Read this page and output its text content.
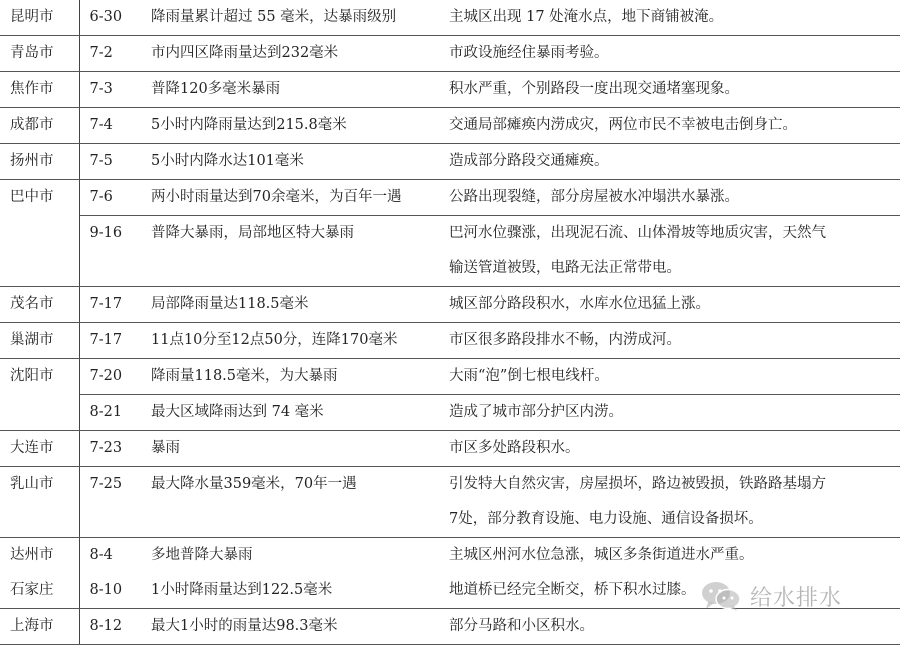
昆明市	6-30	降雨量累计超过 55 毫米，达暴雨级别	主城区出现 17 处淹水点，地下商铺被淹。

青岛市	7-2	市内四区降雨量达到232毫米	市政设施经住暴雨考验。

焦作市	7-3	普降120多毫米暴雨	积水严重，个别路段一度出现交通堵塞现象。

成都市	7-4	5小时内降雨量达到215.8毫米	交通局部瘫痪内涝成灾，两位市民不幸被电击倒身亡。

扬州市	7-5	5小时内降水达101毫米	造成部分路段交通瘫痪。

巴中市	7-6	两小时雨量达到70余毫米，为百年一遇	公路出现裂缝，部分房屋被水冲塌洪水暴涨。

	9-16	普降大暴雨，局部地区特大暴雨	巴河水位骤涨，出现泥石流、山体滑坡等地质灾害，天然气
输送管道被毁，电路无法正常带电。

茂名市	7-17	局部降雨量达118.5毫米	城区部分路段积水，水库水位迅猛上涨。

巢湖市	7-17	11点10分至12点50分，连降170毫米	市区很多路段排水不畅，内涝成河。

沈阳市	7-20	降雨量118.5毫米，为大暴雨	大雨“泡”倒七根电线杆。

	8-21	最大区域降雨达到 74 毫米	造成了城市部分护区内涝。

大连市	7-23	暴雨	市区多处路段积水。

乳山市	7-25	最大降水量359毫米，70年一遇	引发特大自然灾害，房屋损坏，路边被毁损，铁路路基塌方
7处，部分教育设施、电力设施、通信设备损坏。

达州市	8-4	多地普降大暴雨	主城区州河水位急涨，城区多条街道进水严重。

石家庄	8-10	1小时降雨量达到122.5毫米	地道桥已经完全断交，桥下积水过膝。

上海市	8-12	最大1小时的雨量达98.3毫米	部分马路和小区积水。
给水排水
